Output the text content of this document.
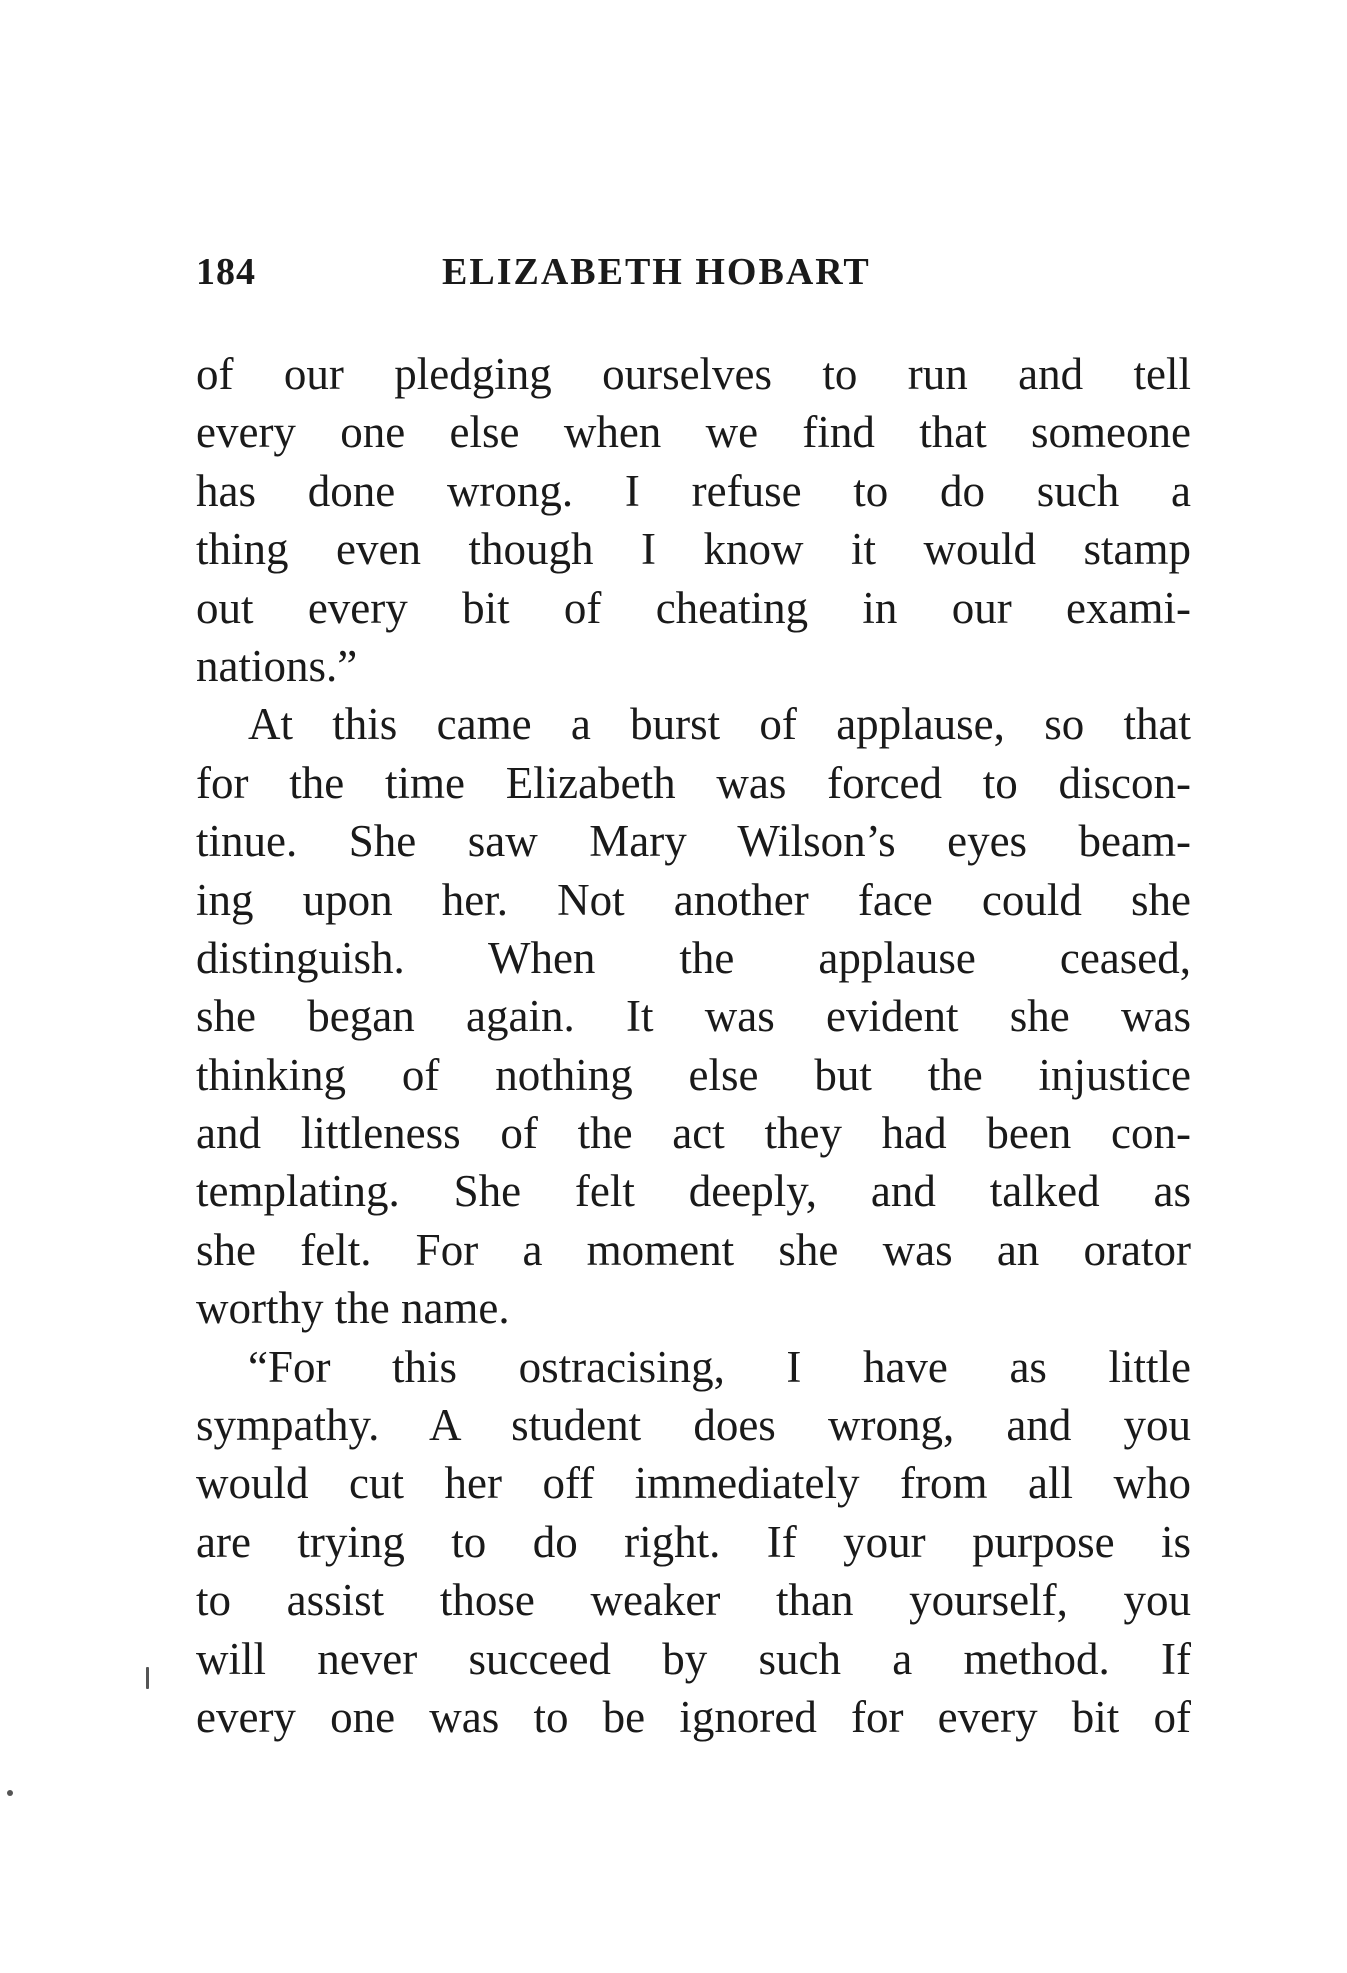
184	ELIZABETH HOBART
of our pledging ourselves to run and tell
every one else when we find that someone
has done wrong. I refuse to do such a
thing even though I know it would stamp
out every bit of cheating in our exami-
nations.”
At this came a burst of applause, so that
for the time Elizabeth was forced to discon-
tinue. She saw Mary Wilson’s eyes beam-
ing upon her. Not another face could she
distinguish. When the applause ceased,
she began again. It was evident she was
thinking of nothing else but the injustice
and littleness of the act they had been con-
templating. She felt deeply, and talked as
she felt. For a moment she was an orator
worthy the name.
“For this ostracising, I have as little
sympathy. A student does wrong, and you
would cut her off immediately from all who
are trying to do right. If your purpose is
to assist those weaker than yourself, you
will never succeed by such a method. If
every one was to be ignored for every bit of
